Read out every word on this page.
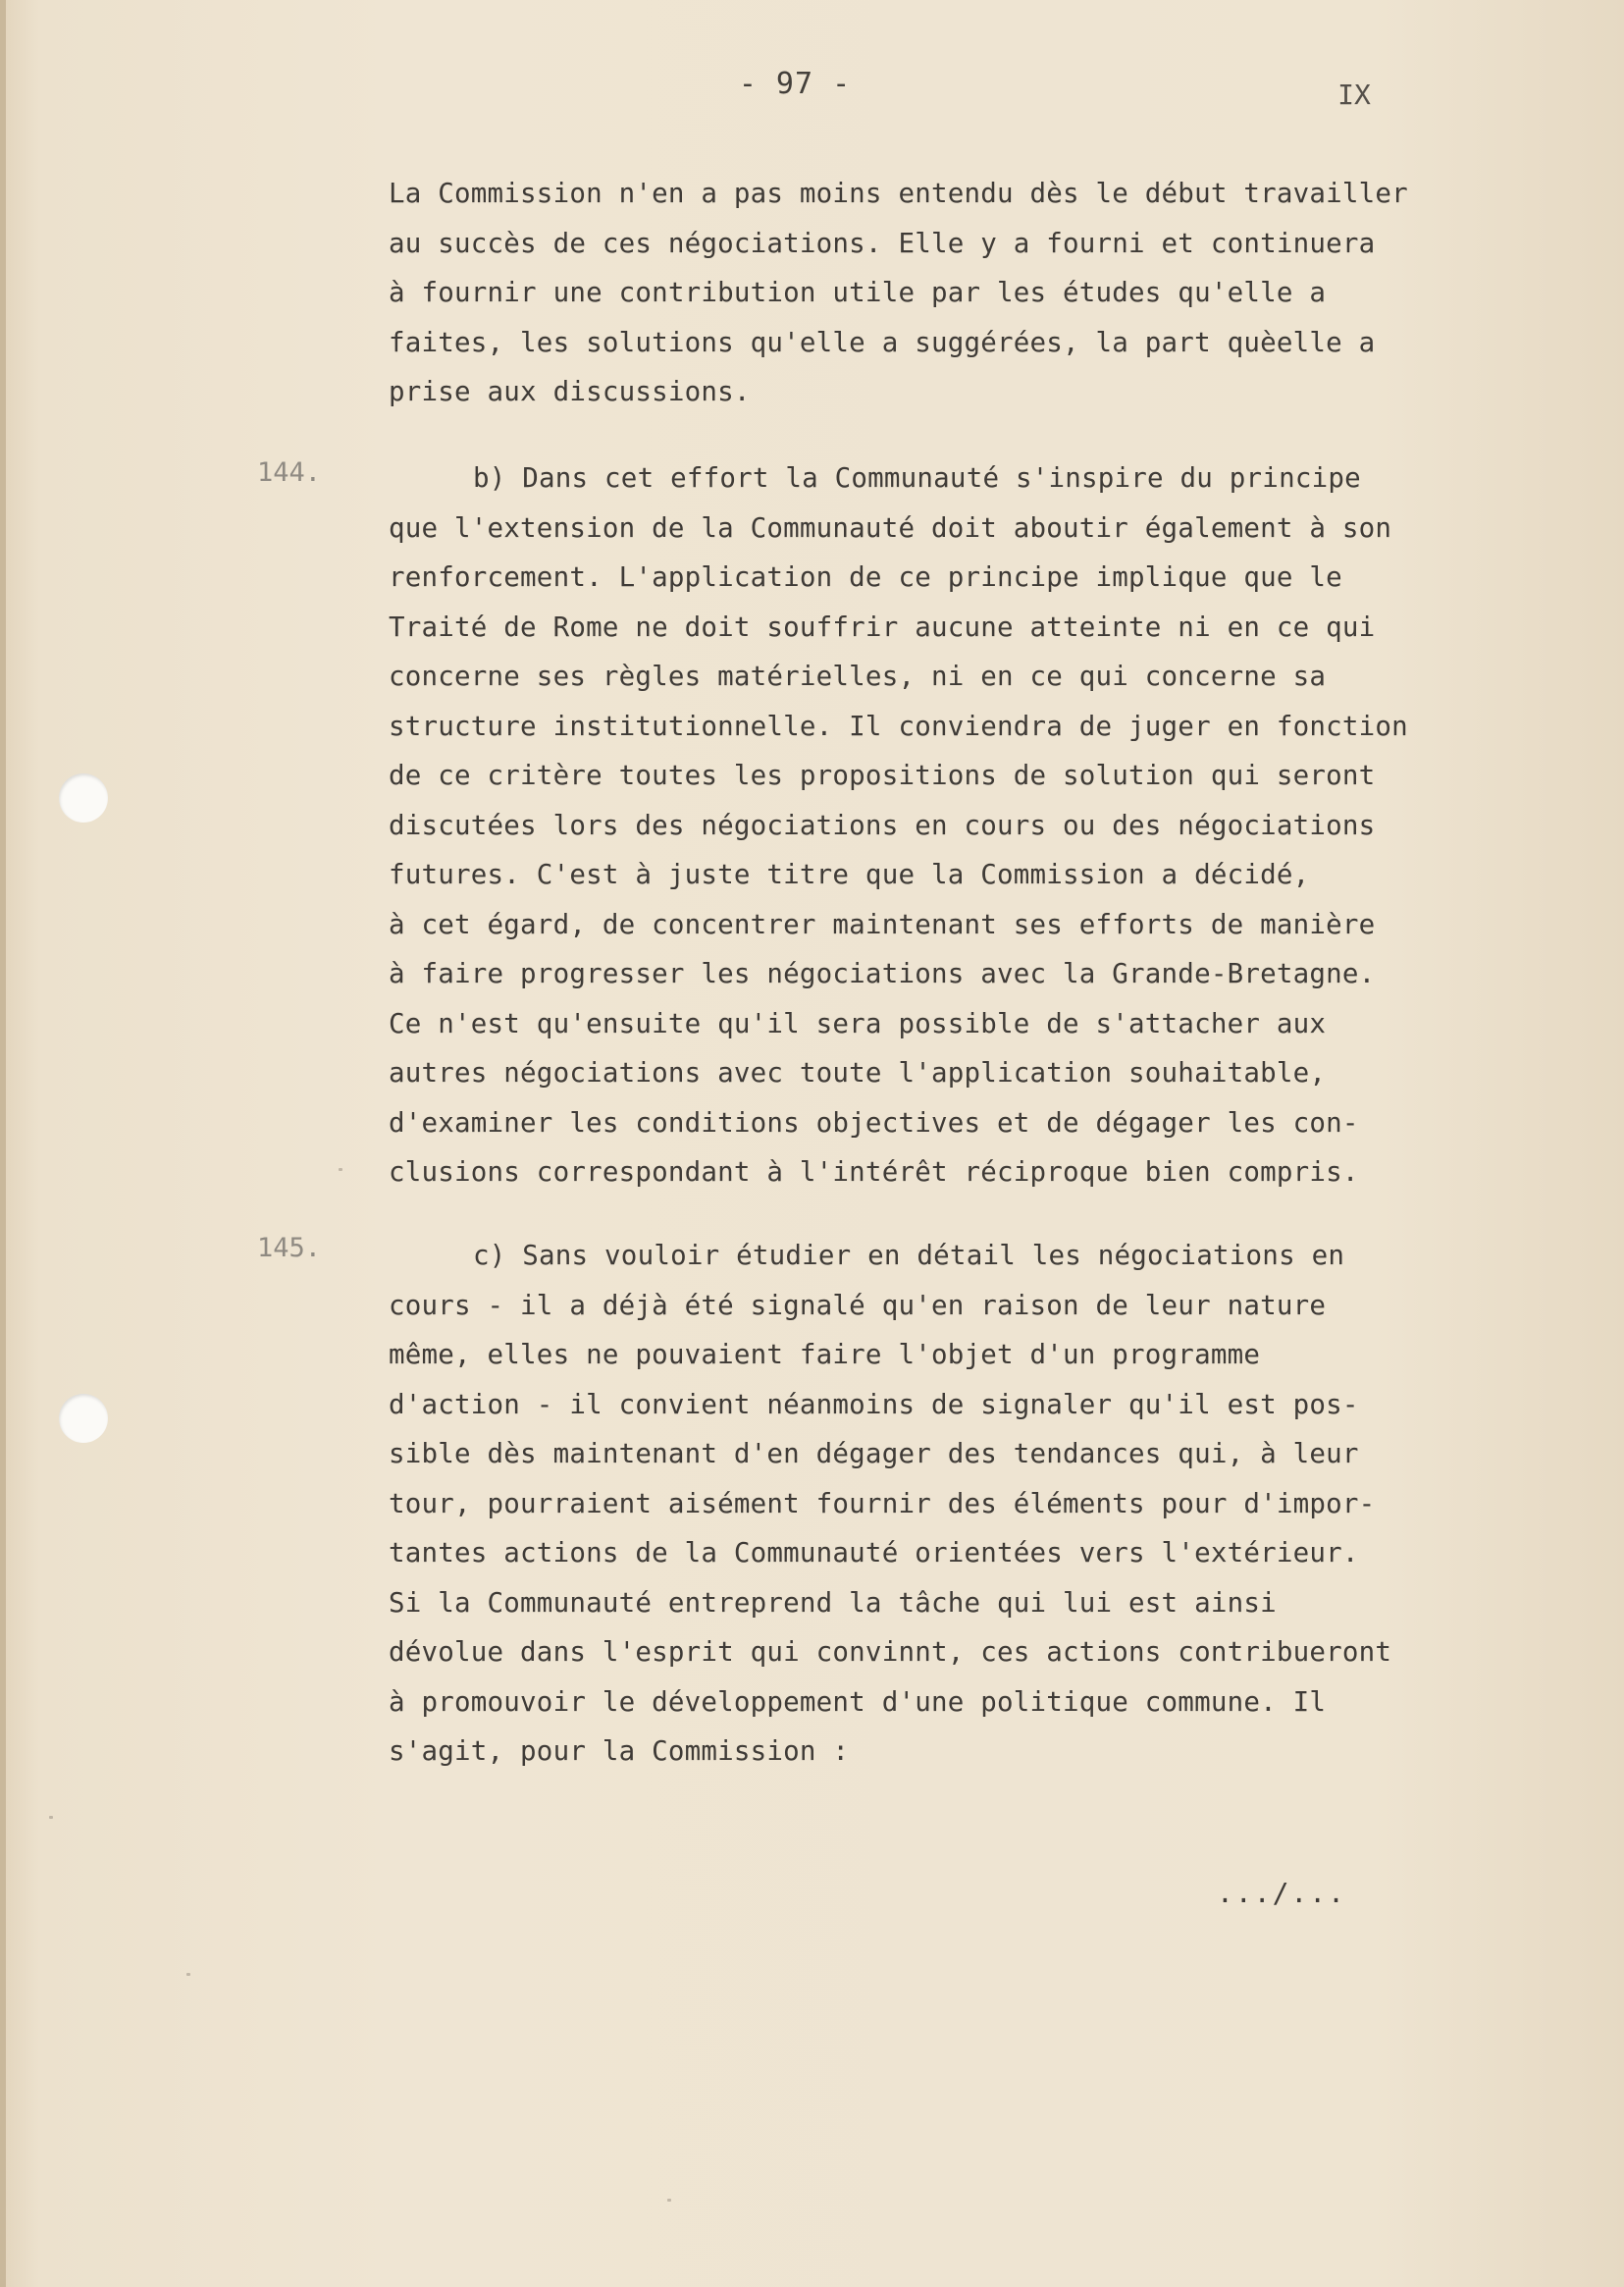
- 97 -	IX
La Commission n'en a pas moins entendu dès le début travailler
au succès de ces négociations. Elle y a fourni et continuera
à fournir une contribution utile par les études qu'elle a
faites, les solutions qu'elle a suggérées, la part quèelle a
prise aux discussions.
144.	b) Dans cet effort la Communauté s'inspire du principe
que l'extension de la Communauté doit aboutir également à son
renforcement. L'application de ce principe implique que le
Traité de Rome ne doit souffrir aucune atteinte ni en ce qui
concerne ses règles matérielles, ni en ce qui concerne sa
structure institutionnelle. Il conviendra de juger en fonction
de ce critère toutes les propositions de solution qui seront
discutées lors des négociations en cours ou des négociations
futures. C'est à juste titre que la Commission a décidé,
à cet égard, de concentrer maintenant ses efforts de manière
à faire progresser les négociations avec la Grande-Bretagne.
Ce n'est qu'ensuite qu'il sera possible de s'attacher aux
autres négociations avec toute l'application souhaitable,
d'examiner les conditions objectives et de dégager les con-
clusions correspondant à l'intérêt réciproque bien compris.
145.	c) Sans vouloir étudier en détail les négociations en
cours - il a déjà été signalé qu'en raison de leur nature
même, elles ne pouvaient faire l'objet d'un programme
d'action - il convient néanmoins de signaler qu'il est pos-
sible dès maintenant d'en dégager des tendances qui, à leur
tour, pourraient aisément fournir des éléments pour d'impor-
tantes actions de la Communauté orientées vers l'extérieur.
Si la Communauté entreprend la tâche qui lui est ainsi
dévolue dans l'esprit qui convinnt, ces actions contribueront
à promouvoir le développement d'une politique commune. Il
s'agit, pour la Commission :
.../...
